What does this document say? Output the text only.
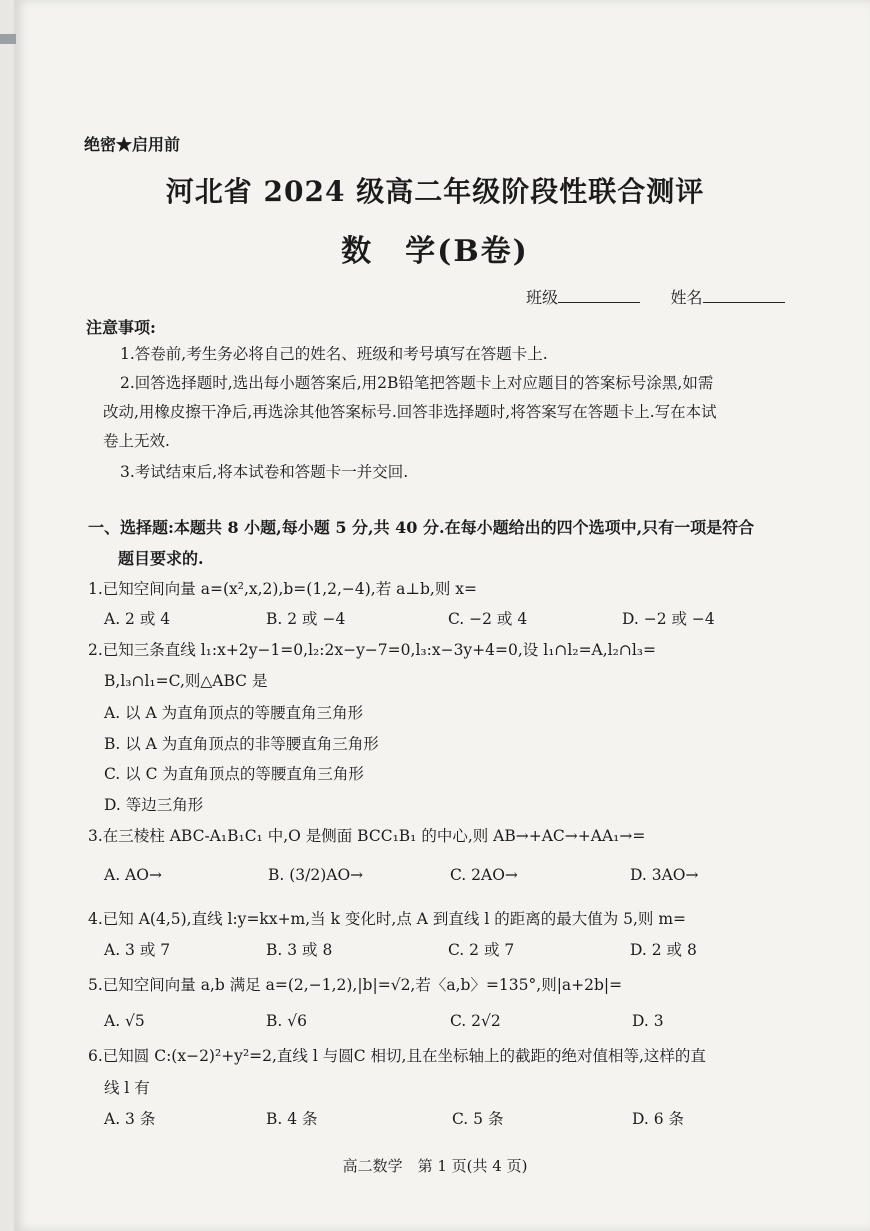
绝密★启用前
河北省 2024 级高二年级阶段性联合测评
数　学(B卷)
班级	姓名
注意事项:
1.答卷前,考生务必将自己的姓名、班级和考号填写在答题卡上.
2.回答选择题时,选出每小题答案后,用2B铅笔把答题卡上对应题目的答案标号涂黑,如需
改动,用橡皮擦干净后,再选涂其他答案标号.回答非选择题时,将答案写在答题卡上.写在本试
卷上无效.
3.考试结束后,将本试卷和答题卡一并交回.
一、选择题:本题共 8 小题,每小题 5 分,共 40 分.在每小题给出的四个选项中,只有一项是符合
题目要求的.
1.已知空间向量 a=(x²,x,2),b=(1,2,−4),若 a⊥b,则 x=
A. 2 或 4	B. 2 或 −4	C. −2 或 4	D. −2 或 −4
2.已知三条直线 l₁:x+2y−1=0,l₂:2x−y−7=0,l₃:x−3y+4=0,设 l₁∩l₂=A,l₂∩l₃=
B,l₃∩l₁=C,则△ABC 是
A. 以 A 为直角顶点的等腰直角三角形
B. 以 A 为直角顶点的非等腰直角三角形
C. 以 C 为直角顶点的等腰直角三角形
D. 等边三角形
3.在三棱柱 ABC-A₁B₁C₁ 中,O 是侧面 BCC₁B₁ 的中心,则 AB→+AC→+AA₁→=
A. AO→	B. (3/2)AO→	C. 2AO→	D. 3AO→
4.已知 A(4,5),直线 l:y=kx+m,当 k 变化时,点 A 到直线 l 的距离的最大值为 5,则 m=
A. 3 或 7	B. 3 或 8	C. 2 或 7	D. 2 或 8
5.已知空间向量 a,b 满足 a=(2,−1,2),|b|=√2,若〈a,b〉=135°,则|a+2b|=
A. √5	B. √6	C. 2√2	D. 3
6.已知圆 C:(x−2)²+y²=2,直线 l 与圆C 相切,且在坐标轴上的截距的绝对值相等,这样的直
线 l 有
A. 3 条	B. 4 条	C. 5 条	D. 6 条
高二数学　第 1 页(共 4 页)
